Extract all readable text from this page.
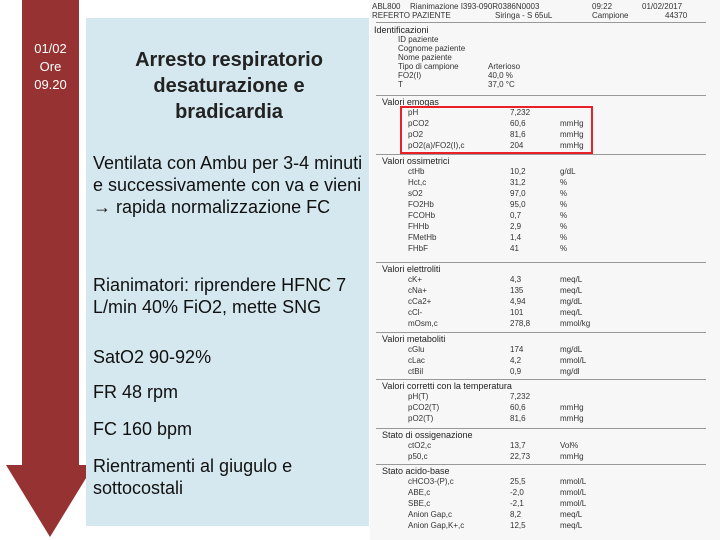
01/02
Ore
09.20
Arresto respiratorio desaturazione e bradicardia
Ventilata con Ambu per 3-4 minuti e successivamente con va e vieni → rapida normalizzazione FC
Rianimatori: riprendere HFNC 7 L/min 40% FiO2, mette SNG
SatO2 90-92%
FR 48 rpm
FC 160 bpm
Rientramenti al giugulo e sottocostali
ABL800 Rianimazione I393-090R0386N0003	09:22	01/02/2017
REFERTO PAZIENTE	Siringa - S 65uL	Campione	44370
Identificazioni
ID paziente
Cognome paziente
Nome paziente
Tipo di campione	Arterioso
FO2(I)	40,0 %
T	37,0 °C
Valori emogas
pH	7,232
pCO2	60,6	mmHg
pO2	81,6	mmHg
pO2(a)/FO2(I),c	204	mmHg
Valori ossimetrici
ctHb	10,2	g/dL
Hct,c	31,2	%
sO2	97,0	%
FO2Hb	95,0	%
FCOHb	0,7	%
FHHb	2,9	%
FMetHb	1,4	%
FHbF	41	%
Valori elettroliti
cK+	4,3	meq/L
cNa+	135	meq/L
cCa2+	4,94	mg/dL
cCl-	101	meq/L
mOsm,c	278,8	mmol/kg
Valori metaboliti
cGlu	174	mg/dL
cLac	4,2	mmol/L
ctBil	0,9	mg/dl
Valori corretti con la temperatura
pH(T)	7,232
pCO2(T)	60,6	mmHg
pO2(T)	81,6	mmHg
Stato di ossigenazione
ctO2,c	13,7	Vol%
p50,c	22,73	mmHg
Stato acido-base
cHCO3-(P),c	25,5	mmol/L
ABE,c	-2,0	mmol/L
SBE,c	-2,1	mmol/L
Anion Gap,c	8,2	meq/L
Anion Gap,K+,c	12,5	meq/L
